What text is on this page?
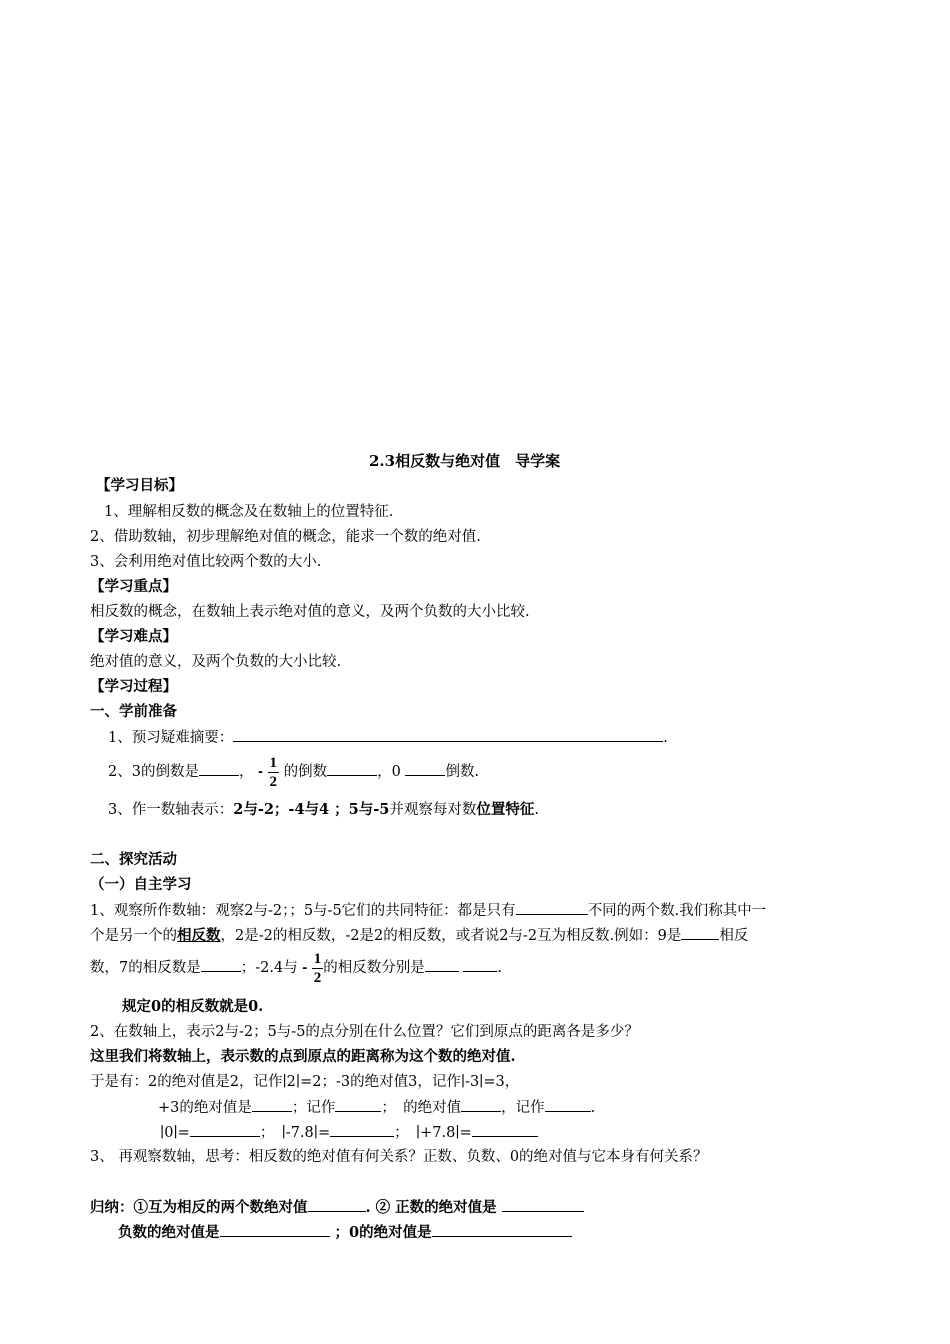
2.3相反数与绝对值　导学案
【学习目标】
1、理解相反数的概念及在数轴上的位置特征.
2、借助数轴，初步理解绝对值的概念，能求一个数的绝对值.
3、会利用绝对值比较两个数的大小.
【学习重点】
相反数的概念，在数轴上表示绝对值的意义，及两个负数的大小比较.
【学习难点】
绝对值的意义，及两个负数的大小比较.
【学习过程】
一、学前准备
1、预习疑难摘要：	.
2、3的倒数是	， - $\frac{1}{2}$ 的倒数	，0	倒数.
3、作一数轴表示：2与-2；-4与4 ；5与-5并观察每对数位置特征.
二、探究活动
（一）自主学习
1、观察所作数轴：观察2与-2；；5与-5它们的共同特征：都是只有	不同的两个数.我们称其中一
个是另一个的相反数，2是-2的相反数，-2是2的相反数，或者说2与-2互为相反数.例如：9是	相反
数，7的相反数是	；-2.4与 - $\frac{1}{2}$ 的相反数分别是	.
规定0的相反数就是0.
2、在数轴上，表示2与-2；5与-5的点分别在什么位置？它们到原点的距离各是多少？
这里我们将数轴上，表示数的点到原点的距离称为这个数的绝对值.
于是有：2的绝对值是2，记作∣2∣=2；-3的绝对值3，记作∣-3∣=3，
+3的绝对值是	；记作	；　的绝对值	，记作	.
∣0∣=	；　∣-7.8∣=	；　∣+7.8∣=
3、 再观察数轴，思考：相反数的绝对值有何关系？正数、负数、0的绝对值与它本身有何关系？
归纳：①互为相反的两个数绝对值	. ② 正数的绝对值是
负数的绝对值是	；0的绝对值是
